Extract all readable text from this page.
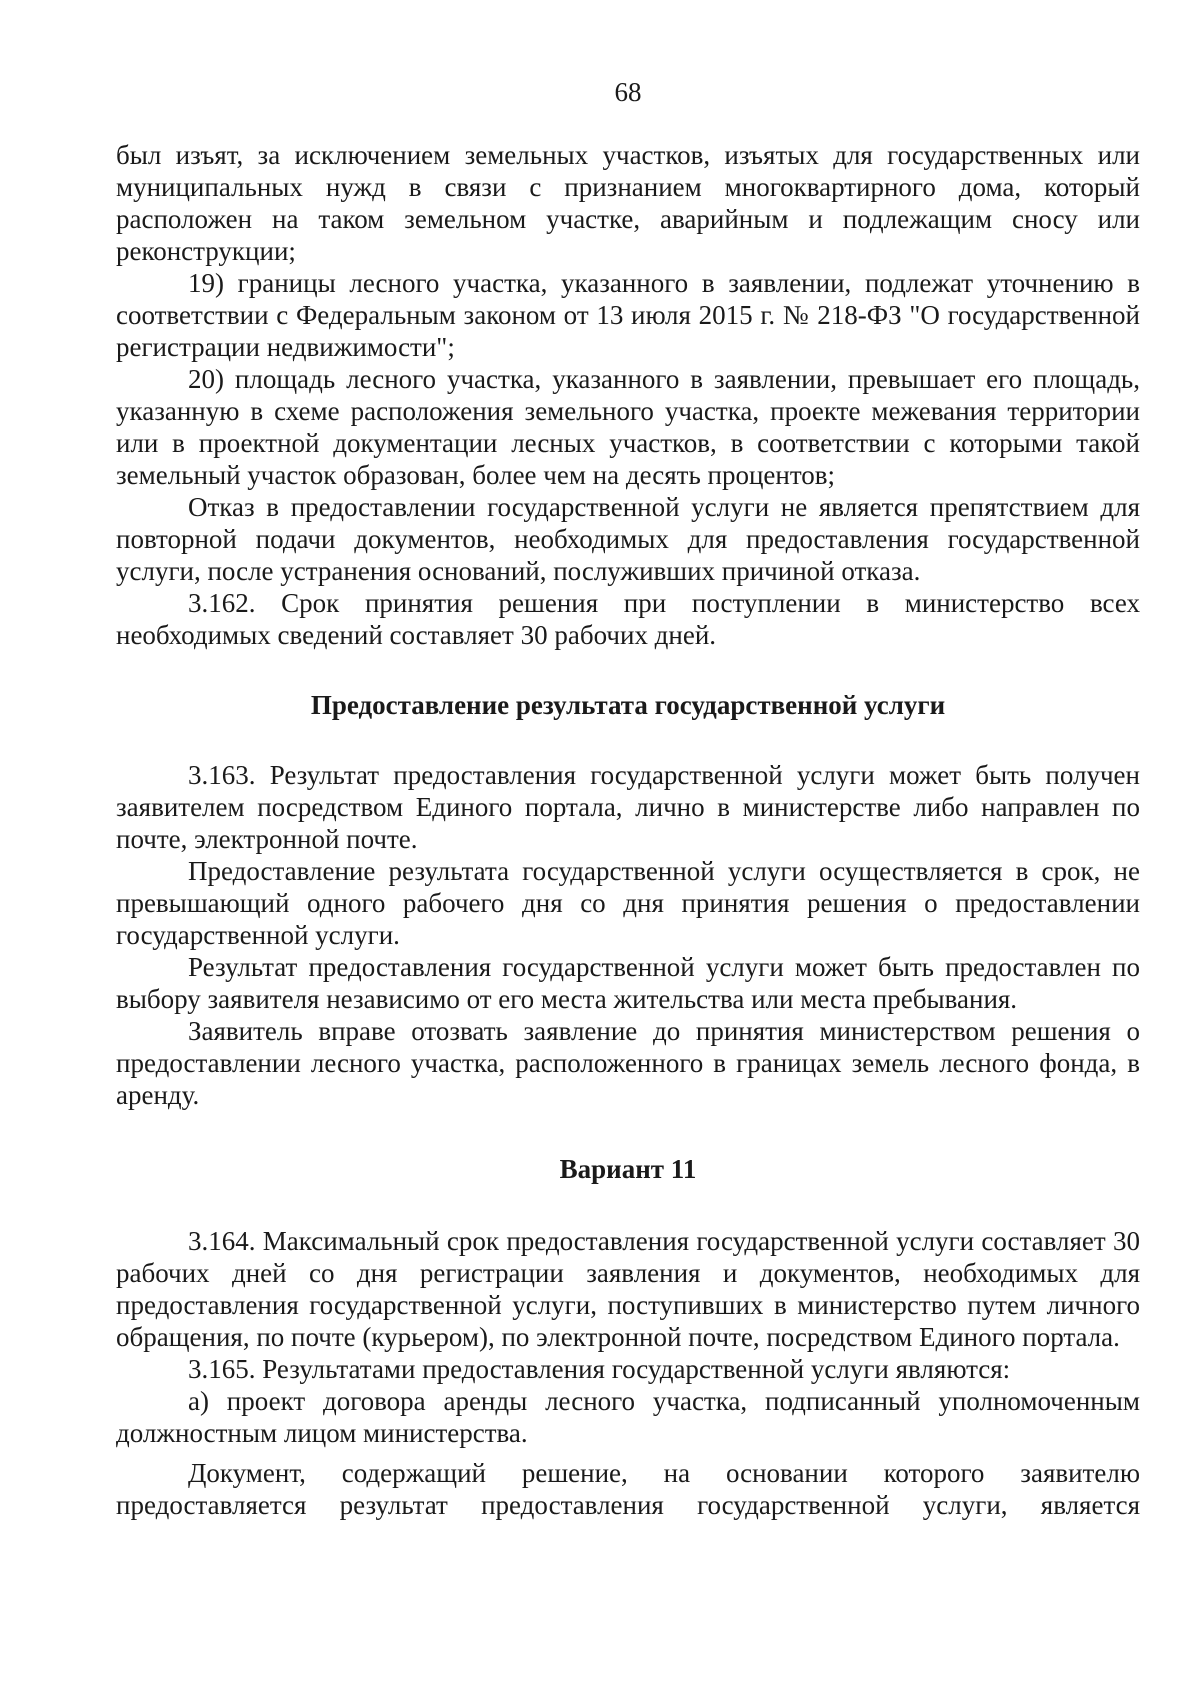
68

был изъят, за исключением земельных участков, изъятых для государственных или муниципальных нужд в связи с признанием многоквартирного дома, который расположен на таком земельном участке, аварийным и подлежащим сносу или реконструкции;

19) границы лесного участка, указанного в заявлении, подлежат уточнению в соответствии с Федеральным законом от 13 июля 2015 г. № 218-ФЗ "О государственной регистрации недвижимости";

20) площадь лесного участка, указанного в заявлении, превышает его площадь, указанную в схеме расположения земельного участка, проекте межевания территории или в проектной документации лесных участков, в соответствии с которыми такой земельный участок образован, более чем на десять процентов;

Отказ в предоставлении государственной услуги не является препятствием для повторной подачи документов, необходимых для предоставления государственной услуги, после устранения оснований, послуживших причиной отказа.

3.162. Срок принятия решения при поступлении в министерство всех необходимых сведений составляет 30 рабочих дней.

Предоставление результата государственной услуги

3.163. Результат предоставления государственной услуги может быть получен заявителем посредством Единого портала, лично в министерстве либо направлен по почте, электронной почте.

Предоставление результата государственной услуги осуществляется в срок, не превышающий одного рабочего дня со дня принятия решения о предоставлении государственной услуги.

Результат предоставления государственной услуги может быть предоставлен по выбору заявителя независимо от его места жительства или места пребывания.

Заявитель вправе отозвать заявление до принятия министерством решения о предоставлении лесного участка, расположенного в границах земель лесного фонда, в аренду.

Вариант 11

3.164. Максимальный срок предоставления государственной услуги составляет 30 рабочих дней со дня регистрации заявления и документов, необходимых для предоставления государственной услуги, поступивших в министерство путем личного обращения, по почте (курьером), по электронной почте, посредством Единого портала.

3.165. Результатами предоставления государственной услуги являются:

а) проект договора аренды лесного участка, подписанный уполномоченным должностным лицом министерства.

Документ, содержащий решение, на основании которого заявителю предоставляется результат предоставления государственной услуги, является
